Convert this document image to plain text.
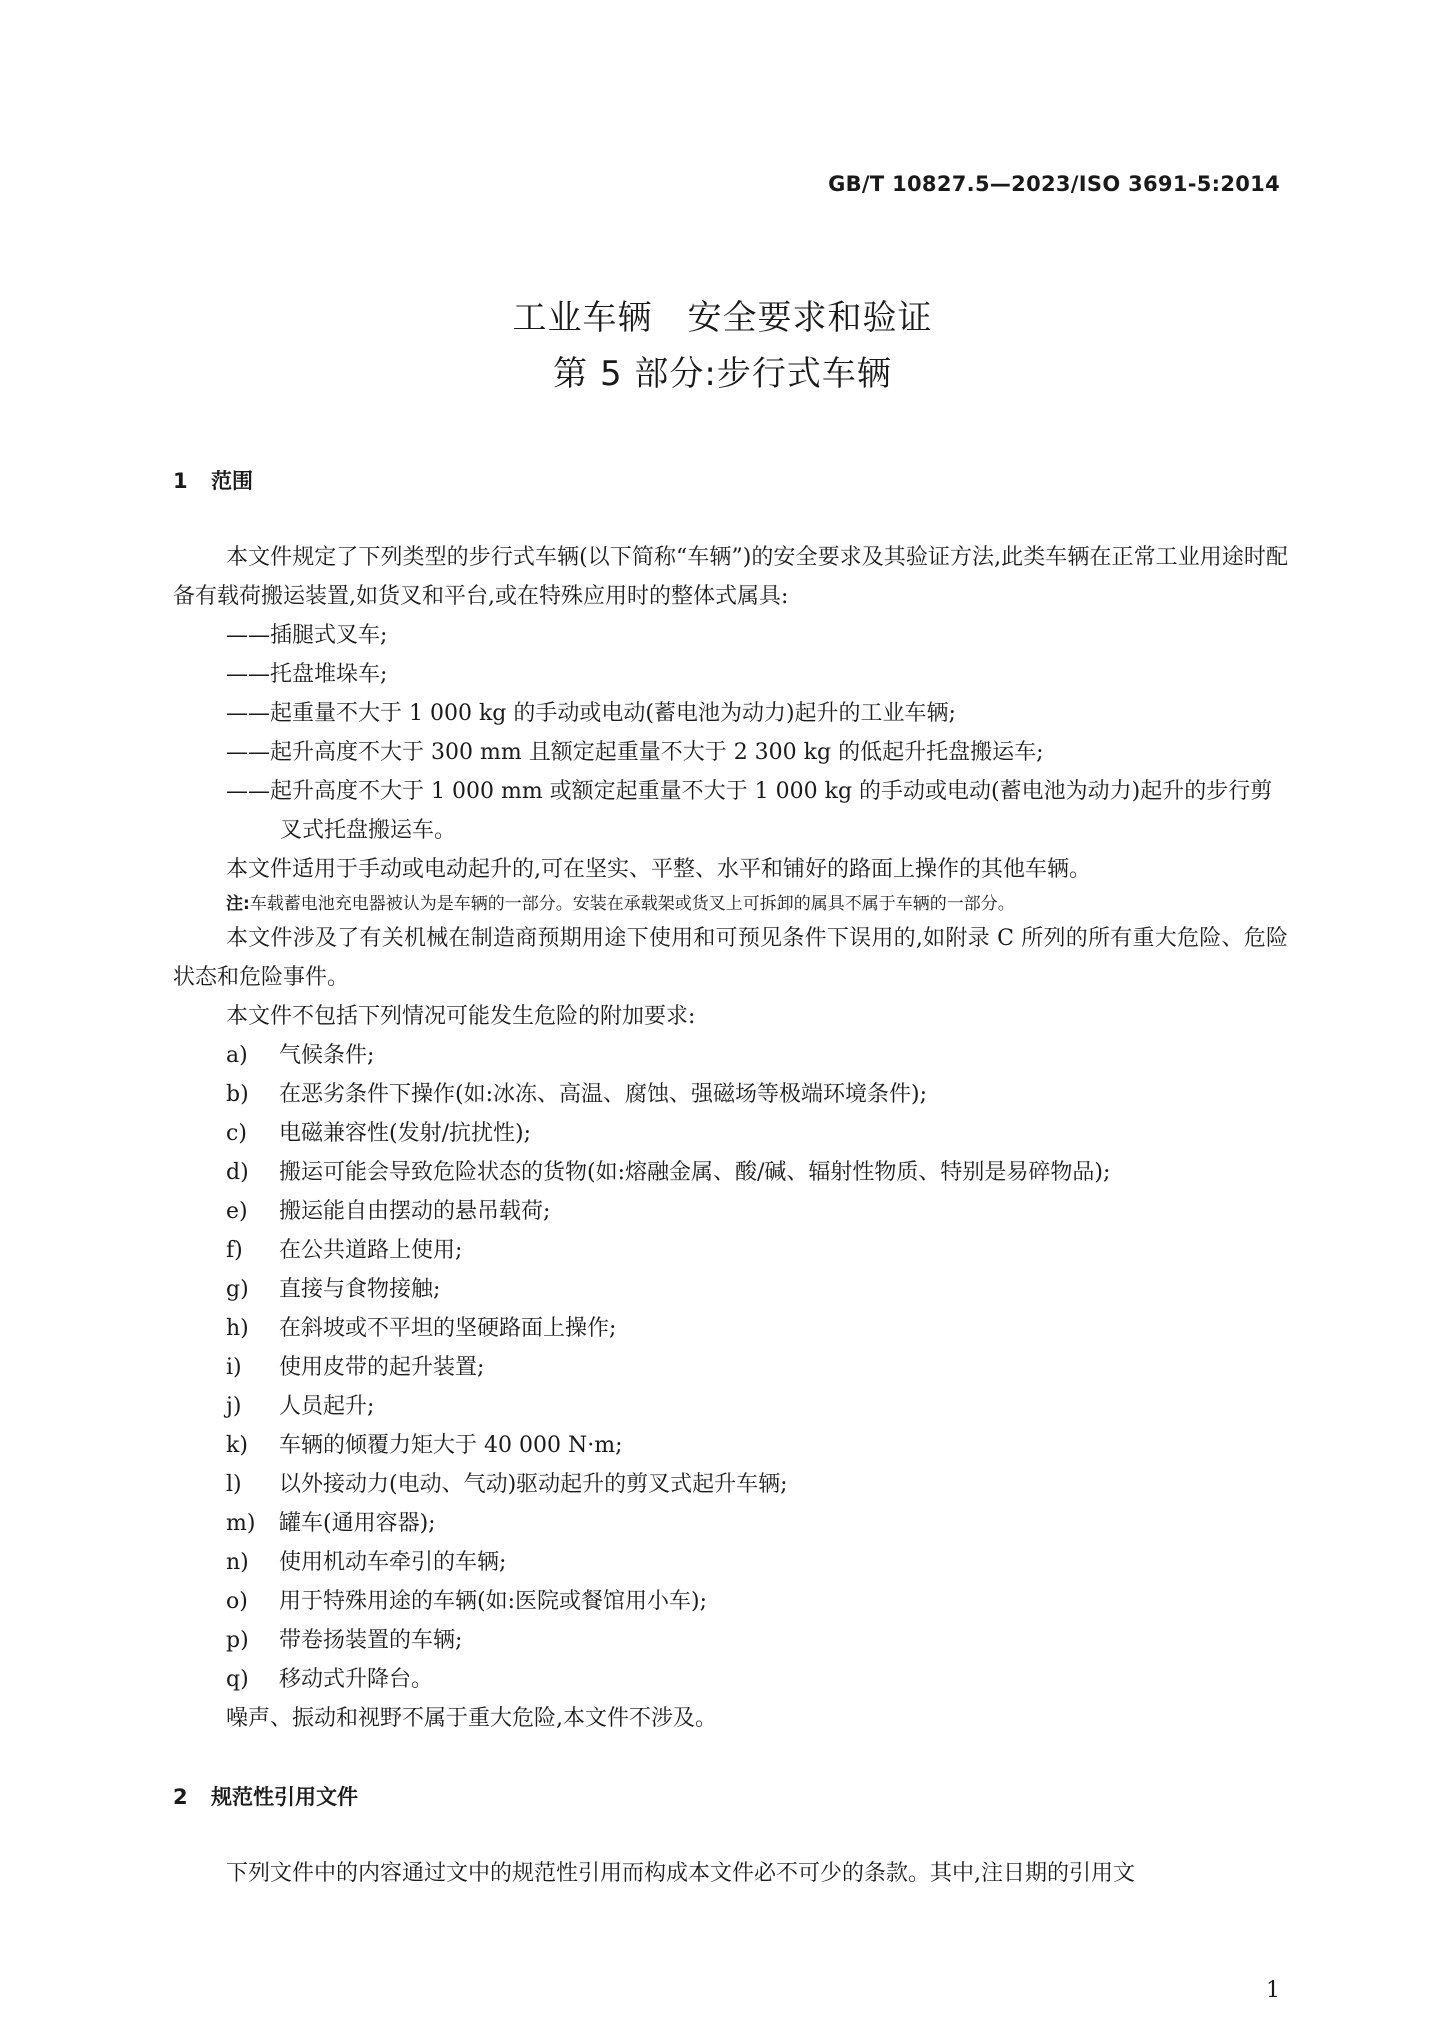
GB/T 10827.5—2023/ISO 3691-5:2014
工业车辆　安全要求和验证
第 5 部分:步行式车辆
1 范围

本文件规定了下列类型的步行式车辆(以下简称“车辆”)的安全要求及其验证方法,此类车辆在正常工业用途时配备有载荷搬运装置,如货叉和平台,或在特殊应用时的整体式属具:

——插腿式叉车;

——托盘堆垛车;

——起重量不大于 1 000 kg 的手动或电动(蓄电池为动力)起升的工业车辆;

——起升高度不大于 300 mm 且额定起重量不大于 2 300 kg 的低起升托盘搬运车;

——起升高度不大于 1 000 mm 或额定起重量不大于 1 000 kg 的手动或电动(蓄电池为动力)起升的步行剪叉式托盘搬运车。

本文件适用于手动或电动起升的,可在坚实、平整、水平和铺好的路面上操作的其他车辆。

注:车载蓄电池充电器被认为是车辆的一部分。安装在承载架或货叉上可拆卸的属具不属于车辆的一部分。

本文件涉及了有关机械在制造商预期用途下使用和可预见条件下误用的,如附录 C 所列的所有重大危险、危险状态和危险事件。

本文件不包括下列情况可能发生危险的附加要求:

a)	气候条件;
b)	在恶劣条件下操作(如:冰冻、高温、腐蚀、强磁场等极端环境条件);
c)	电磁兼容性(发射/抗扰性);
d)	搬运可能会导致危险状态的货物(如:熔融金属、酸/碱、辐射性物质、特别是易碎物品);
e)	搬运能自由摆动的悬吊载荷;
f)	在公共道路上使用;
g)	直接与食物接触;
h)	在斜坡或不平坦的坚硬路面上操作;
i)	使用皮带的起升装置;
j)	人员起升;
k)	车辆的倾覆力矩大于 40 000 N·m;
l)	以外接动力(电动、气动)驱动起升的剪叉式起升车辆;
m)	罐车(通用容器);
n)	使用机动车牵引的车辆;
o)	用于特殊用途的车辆(如:医院或餐馆用小车);
p)	带卷扬装置的车辆;
q)	移动式升降台。

噪声、振动和视野不属于重大危险,本文件不涉及。

2 规范性引用文件

下列文件中的内容通过文中的规范性引用而构成本文件必不可少的条款。其中,注日期的引用文

1
